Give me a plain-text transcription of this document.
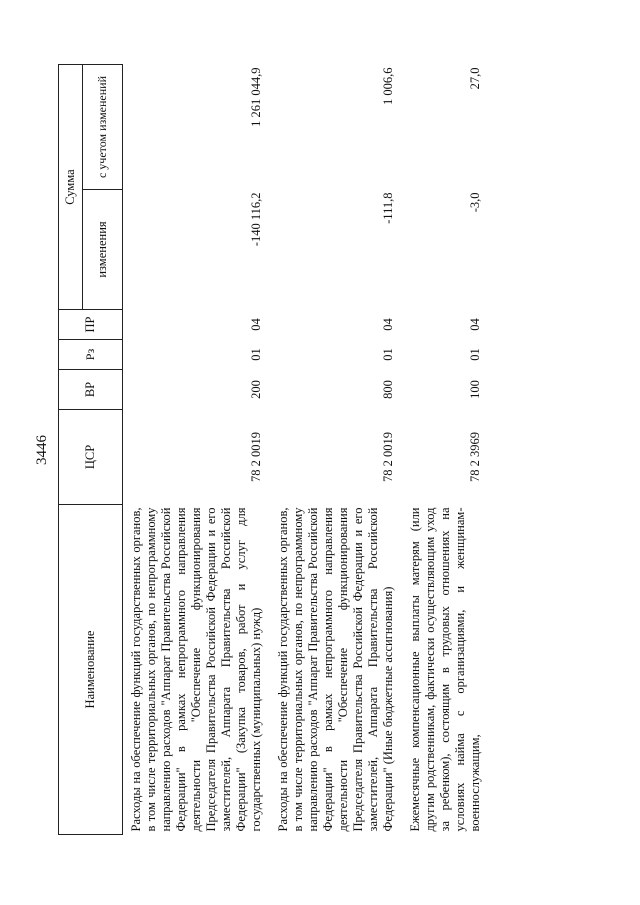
3446
Наименование	ЦСР	ВР	Рз	ПР	Сумма	
					изменения	с учетом изменений
Расходы на обеспечение функций государственных органов, в том числе территориальных органов, по непрограммному направлению расходов "Аппарат Правительства Российской Федерации" в рамках непрограммного направления деятельности "Обеспечение функционирования Председателя Правительства Российской Федерации и его заместителей, Аппарата Правительства Российской Федерации" (Закупка товаров, работ и услуг для государственных (муниципальных) нужд)	78 2 0019	200	01	04	-140 116,2	1 261 044,9
Расходы на обеспечение функций государственных органов, в том числе территориальных органов, по непрограммному направлению расходов "Аппарат Правительства Российской Федерации" в рамках непрограммного направления деятельности "Обеспечение функционирования Председателя Правительства Российской Федерации и его заместителей, Аппарата Правительства Российской Федерации" (Иные бюджетные ассигнования)	78 2 0019	800	01	04	-111,8	1 006,6
Ежемесячные компенсационные выплаты матерям (или другим родственникам, фактически осуществляющим уход за ребенком), состоящим в трудовых отношениях на условиях найма с организациями, и женщинам-военнослужащим,	78 2 3969	100	01	04	-3,0	27,0
